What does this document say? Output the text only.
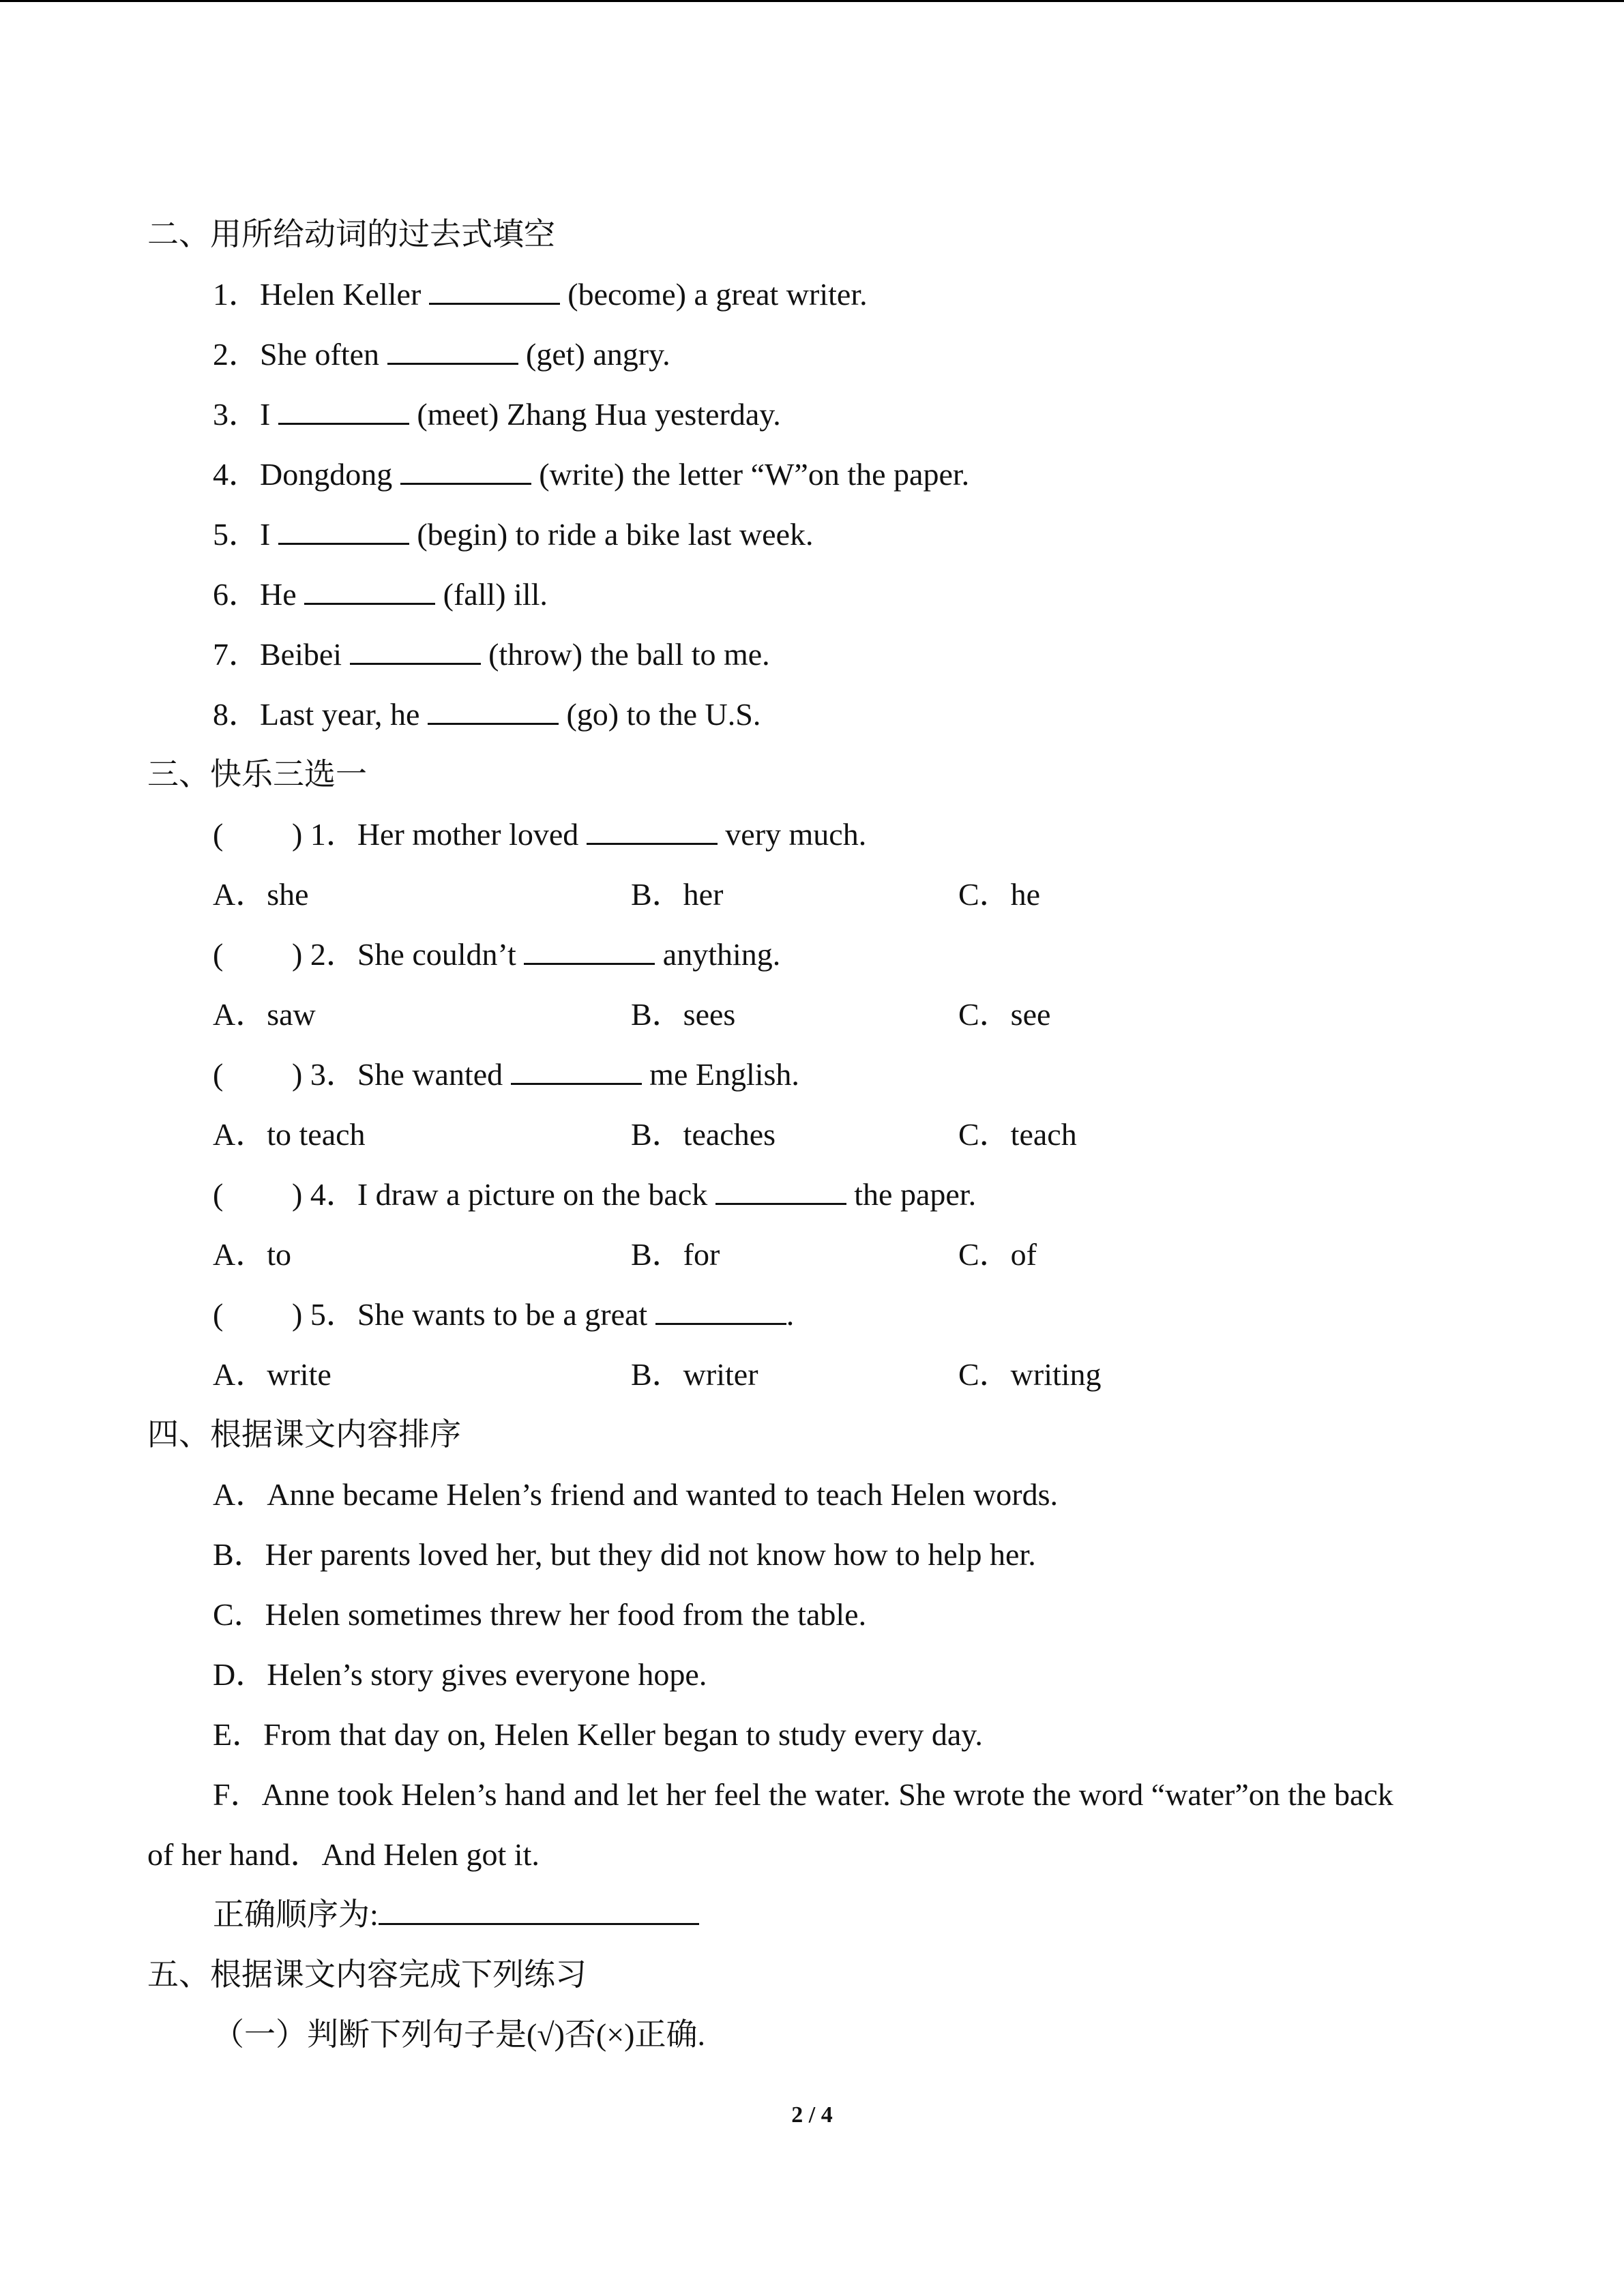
二、用所给动词的过去式填空
1．Helen Keller	(become) a great writer.
2．She often	(get) angry.
3．I	(meet) Zhang Hua yesterday.
4．Dongdong	(write) the letter “W”on the paper.
5．I	(begin) to ride a bike last week.
6．He	(fall) ill.
7．Beibei	(throw) the ball to me.
8．Last year, he	(go) to the U.S.
三、快乐三选一
( ) 1．Her mother loved	very much.
A．she	B．her	C．he
( ) 2．She couldn’t	anything.
A．saw	B．sees	C．see
( ) 3．She wanted	me English.
A．to teach	B．teaches	C．teach
( ) 4．I draw a picture on the back	the paper.
A．to	B．for	C．of
( ) 5．She wants to be a great	.
A．write	B．writer	C．writing
四、根据课文内容排序
A．Anne became Helen’s friend and wanted to teach Helen words.
B．Her parents loved her, but they did not know how to help her.
C．Helen sometimes threw her food from the table.
D．Helen’s story gives everyone hope.
E．From that day on, Helen Keller began to study every day.
F．Anne took Helen’s hand and let her feel the water. She wrote the word “water”on the back
of her hand．And Helen got it.
正确顺序为:
五、根据课文内容完成下列练习
（一）判断下列句子是(√)否(×)正确.
2 / 4
